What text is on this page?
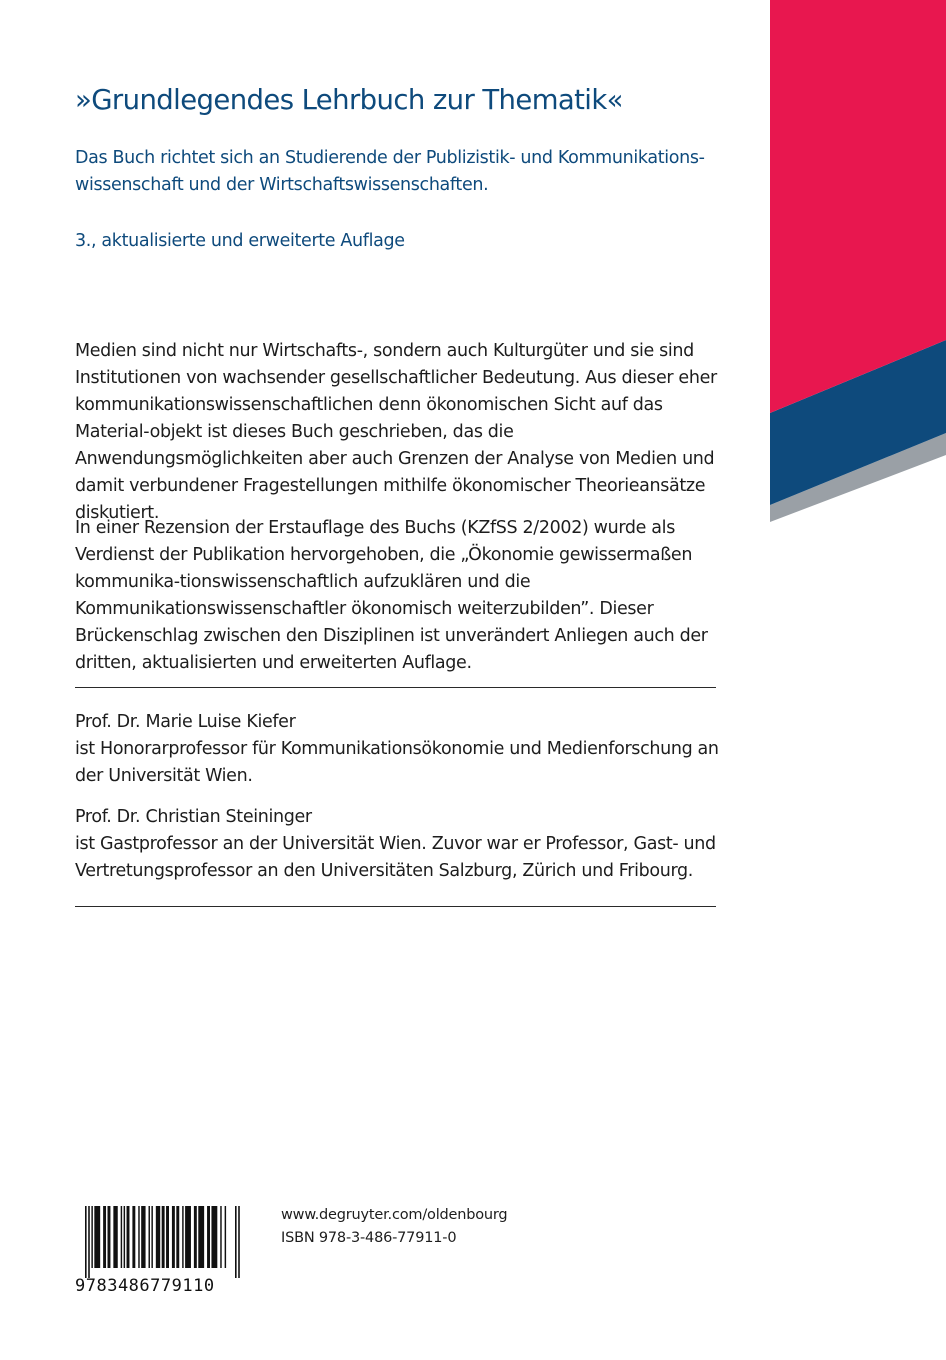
»Grundlegendes Lehrbuch zur Thematik«

Das Buch richtet sich an Studierende der Publizistik- und Kommunikations-
wissenschaft und der Wirtschaftswissenschaften.

3., aktualisierte und erweiterte Auflage

Medien sind nicht nur Wirtschafts-, sondern auch Kulturgüter und sie sind Institutionen von wachsender gesellschaftlicher Bedeutung. Aus dieser eher kommunikationswissenschaftlichen denn ökonomischen Sicht auf das Material-objekt ist dieses Buch geschrieben, das die Anwendungsmöglichkeiten aber auch Grenzen der Analyse von Medien und damit verbundener Fragestellungen mithilfe ökonomischer Theorieansätze diskutiert.

In einer Rezension der Erstauflage des Buchs (KZfSS 2/2002) wurde als Verdienst der Publikation hervorgehoben, die „Ökonomie gewissermaßen kommunika-tionswissenschaftlich aufzuklären und die Kommunikationswissenschaftler ökonomisch weiterzubilden”. Dieser Brückenschlag zwischen den Disziplinen ist unverändert Anliegen auch der dritten, aktualisierten und erweiterten Auflage.

Prof. Dr. Marie Luise Kiefer
ist Honorarprofessor für Kommunikationsökonomie und Medienforschung an der Universität Wien.

Prof. Dr. Christian Steininger
ist Gastprofessor an der Universität Wien. Zuvor war er Professor, Gast- und Vertretungsprofessor an den Universitäten Salzburg, Zürich und Fribourg.

9783486779110
www.degruyter.com/oldenbourg
ISBN 978-3-486-77911-0
